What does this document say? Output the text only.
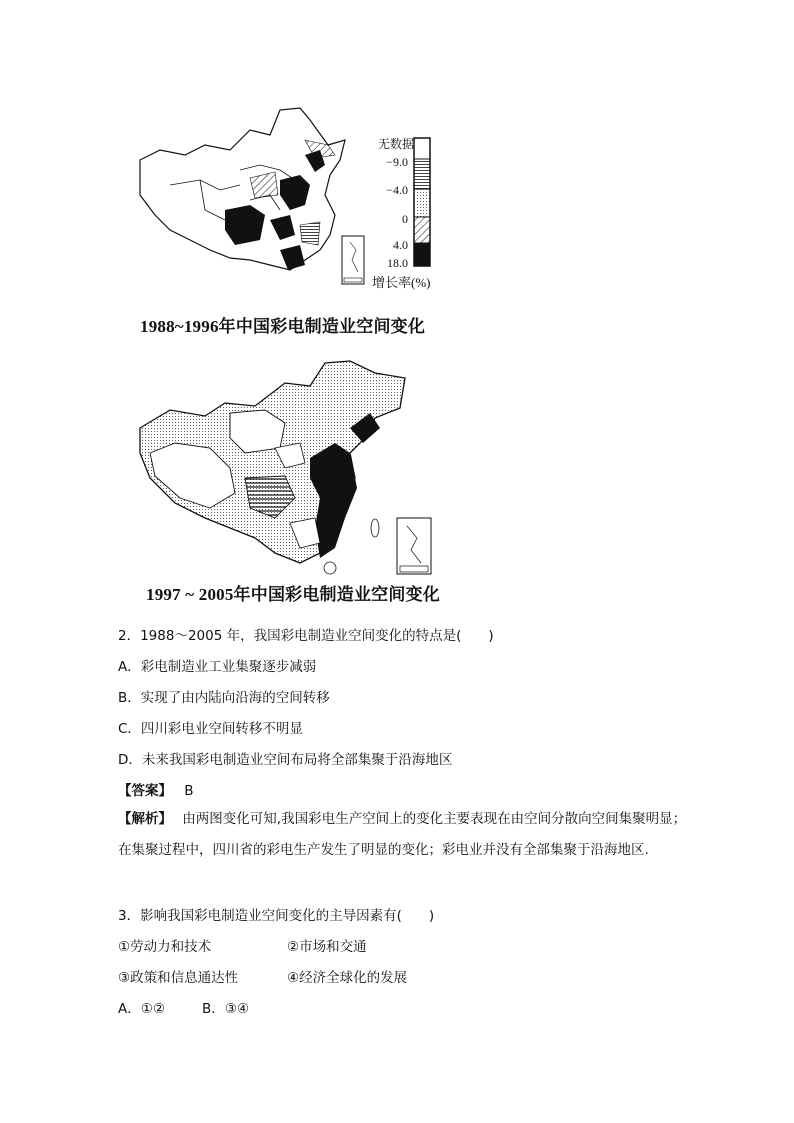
无数据
−9.0
−4.0
0
4.0
18.0
增长率(%)
1988~1996年中国彩电制造业空间变化
1997 ~ 2005年中国彩电制造业空间变化
2．1988～2005 年，我国彩电制造业空间变化的特点是(　　)
A．彩电制造业工业集聚逐步减弱
B．实现了由内陆向沿海的空间转移
C．四川彩电业空间转移不明显
D．未来我国彩电制造业空间布局将全部集聚于沿海地区
【答案】 B
【解析】 由两图变化可知,我国彩电生产空间上的变化主要表现在由空间分散向空间集聚明显；在集聚过程中，四川省的彩电生产发生了明显的变化；彩电业并没有全部集聚于沿海地区.
3．影响我国彩电制造业空间变化的主导因素有(　　)
①劳动力和技术	②市场和交通
③政策和信息通达性	④经济全球化的发展
A．①②	B．③④
